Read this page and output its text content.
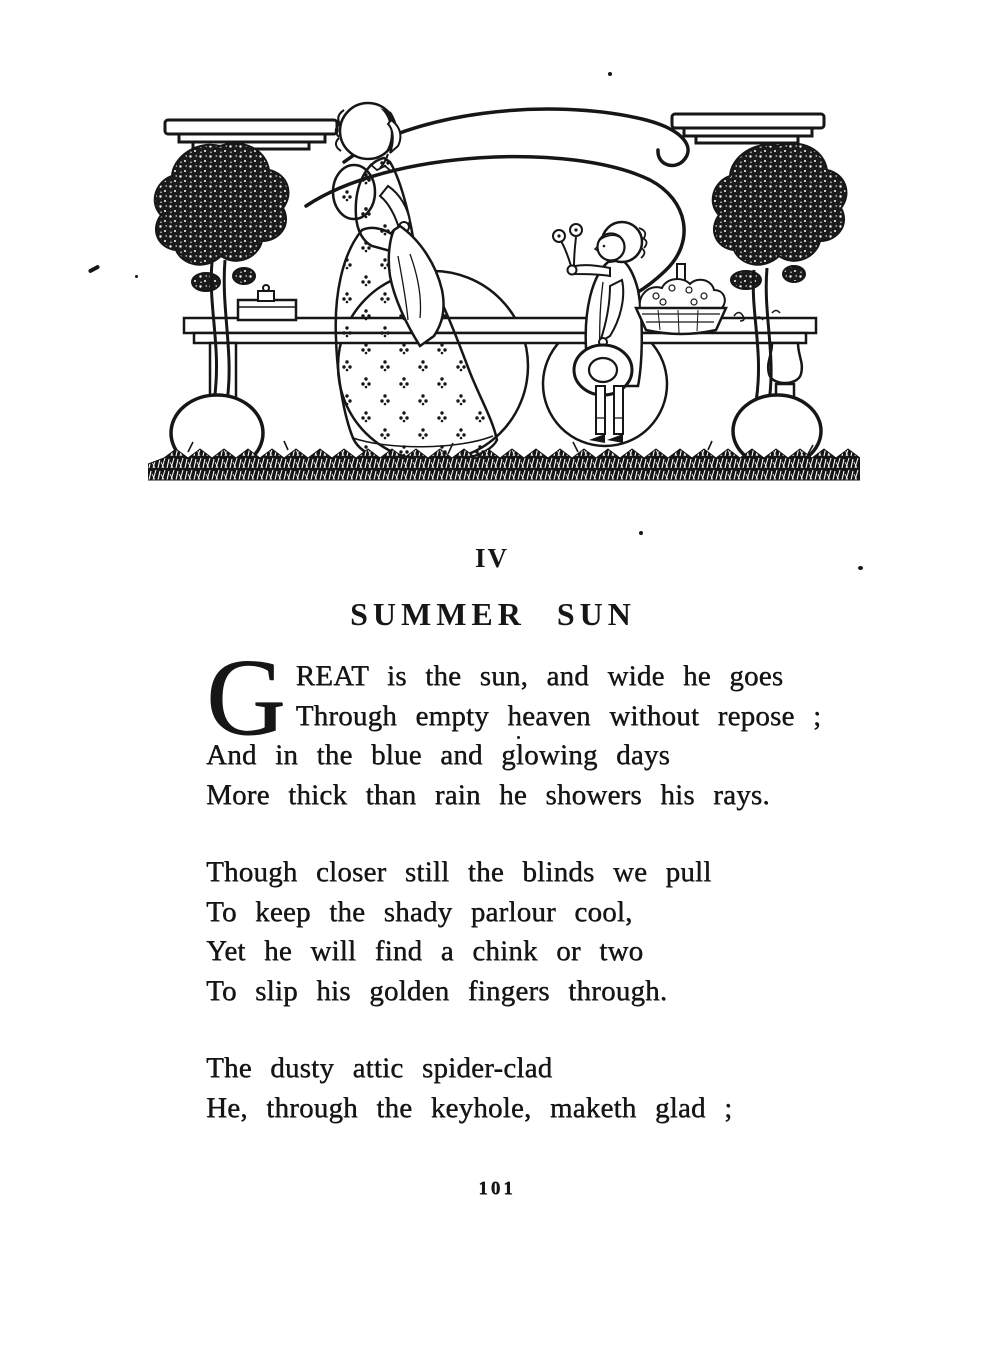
IV
SUMMER SUN
G REAT is the sun, and wide he goes
Through empty heaven without repose ;
And in the blue and glowing days
More thick than rain he showers his rays.
Though closer still the blinds we pull
To keep the shady parlour cool,
Yet he will find a chink or two
To slip his golden fingers through.
The dusty attic spider-clad
He, through the keyhole, maketh glad ;
101
